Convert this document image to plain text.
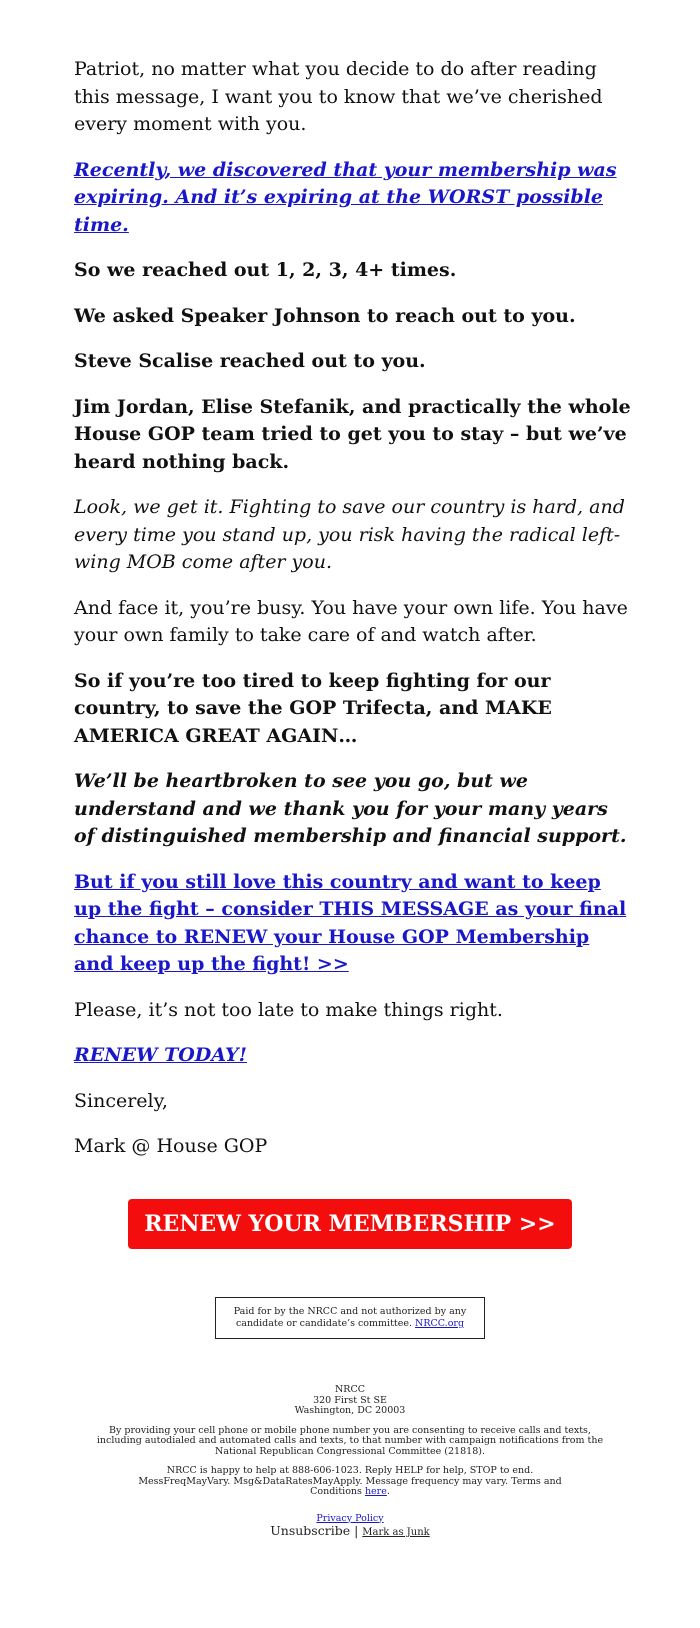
Patriot, no matter what you decide to do after reading this message, I want you to know that we’ve cherished every moment with you.

Recently, we discovered that your membership was expiring. And it’s expiring at the WORST possible time.

So we reached out 1, 2, 3, 4+ times.

We asked Speaker Johnson to reach out to you.

Steve Scalise reached out to you.

Jim Jordan, Elise Stefanik, and practically the whole House GOP team tried to get you to stay – but we’ve heard nothing back.

Look, we get it. Fighting to save our country is hard, and every time you stand up, you risk having the radical left-wing MOB come after you.

And face it, you’re busy. You have your own life. You have your own family to take care of and watch after.

So if you’re too tired to keep fighting for our country, to save the GOP Trifecta, and MAKE AMERICA GREAT AGAIN…

We’ll be heartbroken to see you go, but we understand and we thank you for your many years of distinguished membership and financial support.

But if you still love this country and want to keep up the fight – consider THIS MESSAGE as your final chance to RENEW your House GOP Membership and keep up the fight! >>

Please, it’s not too late to make things right.

RENEW TODAY!

Sincerely,

Mark @ House GOP

RENEW YOUR MEMBERSHIP >>
Paid for by the NRCC and not authorized by any candidate or candidate’s committee. NRCC.org
NRCC
320 First St SE
Washington, DC 20003
By providing your cell phone or mobile phone number you are consenting to receive calls and texts, including autodialed and automated calls and texts, to that number with campaign notifications from the National Republican Congressional Committee (21818).
NRCC is happy to help at 888-606-1023. Reply HELP for help, STOP to end. MessFreqMayVary. Msg&DataRatesMayApply. Message frequency may vary. Terms and Conditions here.
Privacy Policy
Unsubscribe | Mark as Junk
